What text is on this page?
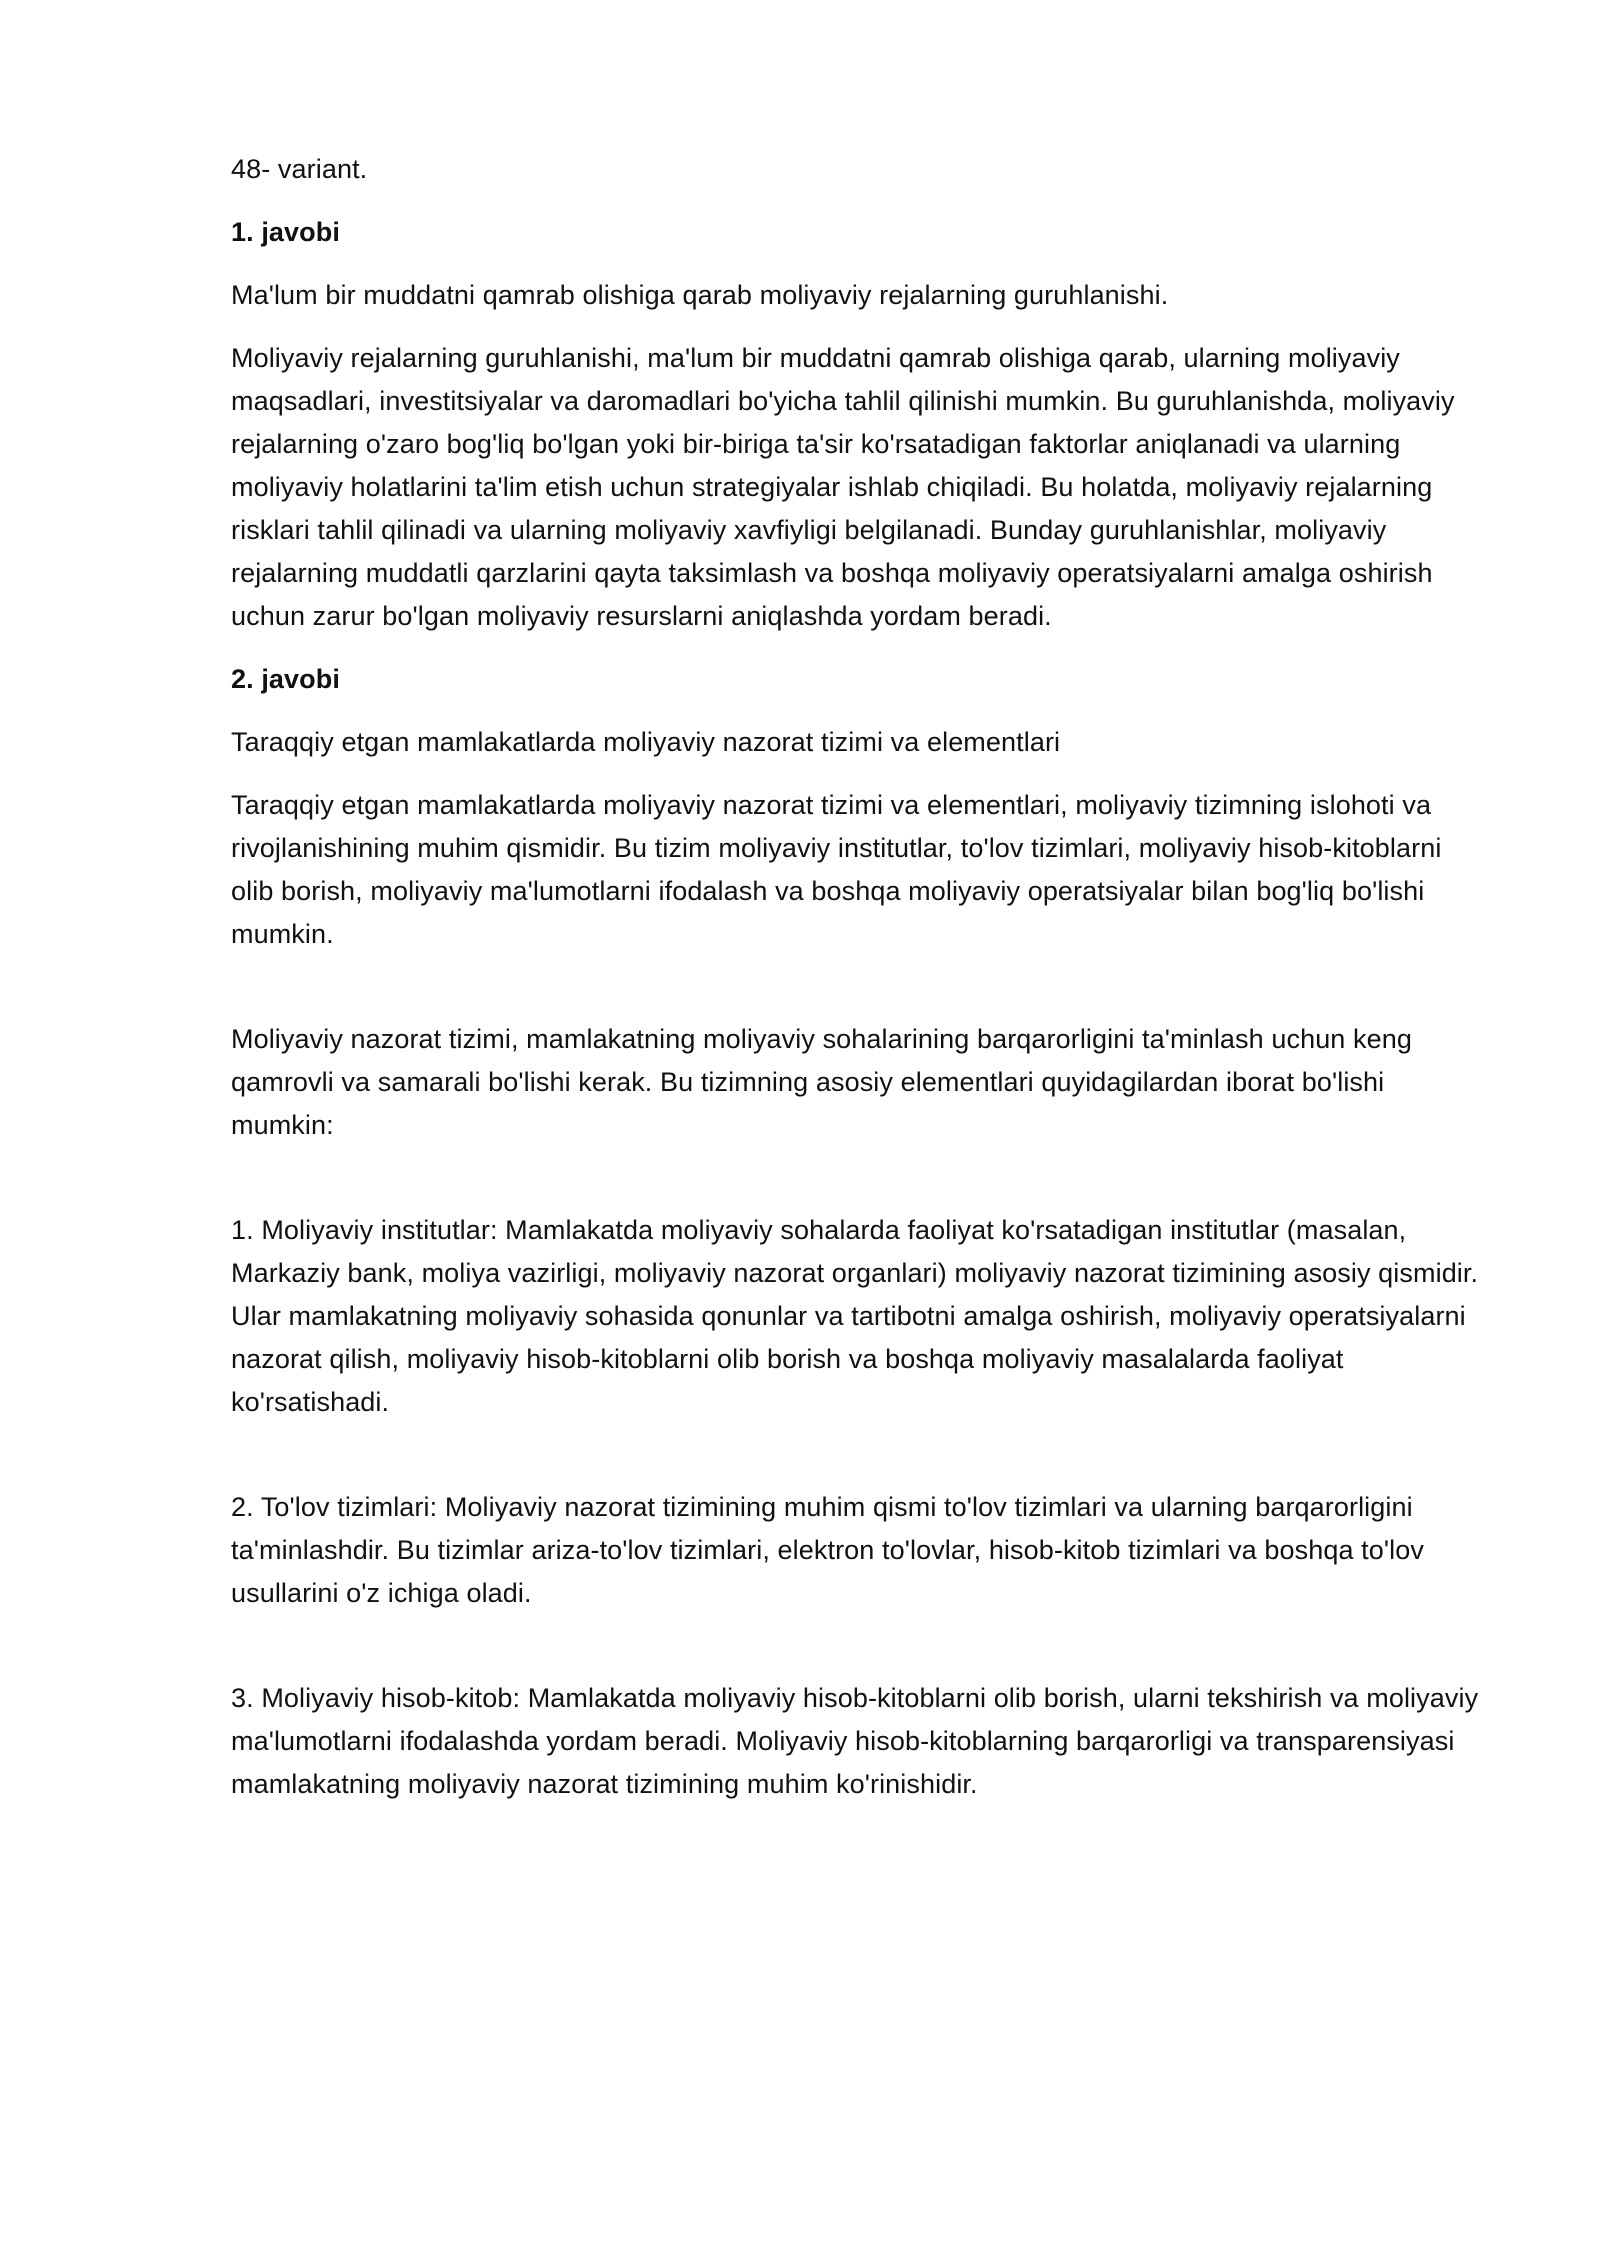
48- variant.

1. javobi

Ma'lum bir muddatni qamrab olishiga qarab moliyaviy rejalarning guruhlanishi.

Moliyaviy rejalarning guruhlanishi, ma'lum bir muddatni qamrab olishiga qarab, ularning moliyaviy maqsadlari, investitsiyalar va daromadlari bo'yicha tahlil qilinishi mumkin. Bu guruhlanishda, moliyaviy rejalarning o'zaro bog'liq bo'lgan yoki bir-biriga ta'sir ko'rsatadigan faktorlar aniqlanadi va ularning moliyaviy holatlarini ta'lim etish uchun strategiyalar ishlab chiqiladi. Bu holatda, moliyaviy rejalarning risklari tahlil qilinadi va ularning moliyaviy xavfiyligi belgilanadi. Bunday guruhlanishlar, moliyaviy rejalarning muddatli qarzlarini qayta taksimlash va boshqa moliyaviy operatsiyalarni amalga oshirish uchun zarur bo'lgan moliyaviy resurslarni aniqlashda yordam beradi.

2. javobi

Taraqqiy etgan mamlakatlarda moliyaviy nazorat tizimi va elementlari

Taraqqiy etgan mamlakatlarda moliyaviy nazorat tizimi va elementlari, moliyaviy tizimning islohoti va rivojlanishining muhim qismidir. Bu tizim moliyaviy institutlar, to'lov tizimlari, moliyaviy hisob-kitoblarni olib borish, moliyaviy ma'lumotlarni ifodalash va boshqa moliyaviy operatsiyalar bilan bog'liq bo'lishi mumkin.

Moliyaviy nazorat tizimi, mamlakatning moliyaviy sohalarining barqarorligini ta'minlash uchun keng qamrovli va samarali bo'lishi kerak. Bu tizimning asosiy elementlari quyidagilardan iborat bo'lishi mumkin:

1. Moliyaviy institutlar: Mamlakatda moliyaviy sohalarda faoliyat ko'rsatadigan institutlar (masalan, Markaziy bank, moliya vazirligi, moliyaviy nazorat organlari) moliyaviy nazorat tizimining asosiy qismidir. Ular mamlakatning moliyaviy sohasida qonunlar va tartibotni amalga oshirish, moliyaviy operatsiyalarni nazorat qilish, moliyaviy hisob-kitoblarni olib borish va boshqa moliyaviy masalalarda faoliyat ko'rsatishadi.

2. To'lov tizimlari: Moliyaviy nazorat tizimining muhim qismi to'lov tizimlari va ularning barqarorligini ta'minlashdir. Bu tizimlar ariza-to'lov tizimlari, elektron to'lovlar, hisob-kitob tizimlari va boshqa to'lov usullarini o'z ichiga oladi.

3. Moliyaviy hisob-kitob: Mamlakatda moliyaviy hisob-kitoblarni olib borish, ularni tekshirish va moliyaviy ma'lumotlarni ifodalashda yordam beradi. Moliyaviy hisob-kitoblarning barqarorligi va transparensiyasi mamlakatning moliyaviy nazorat tizimining muhim ko'rinishidir.
